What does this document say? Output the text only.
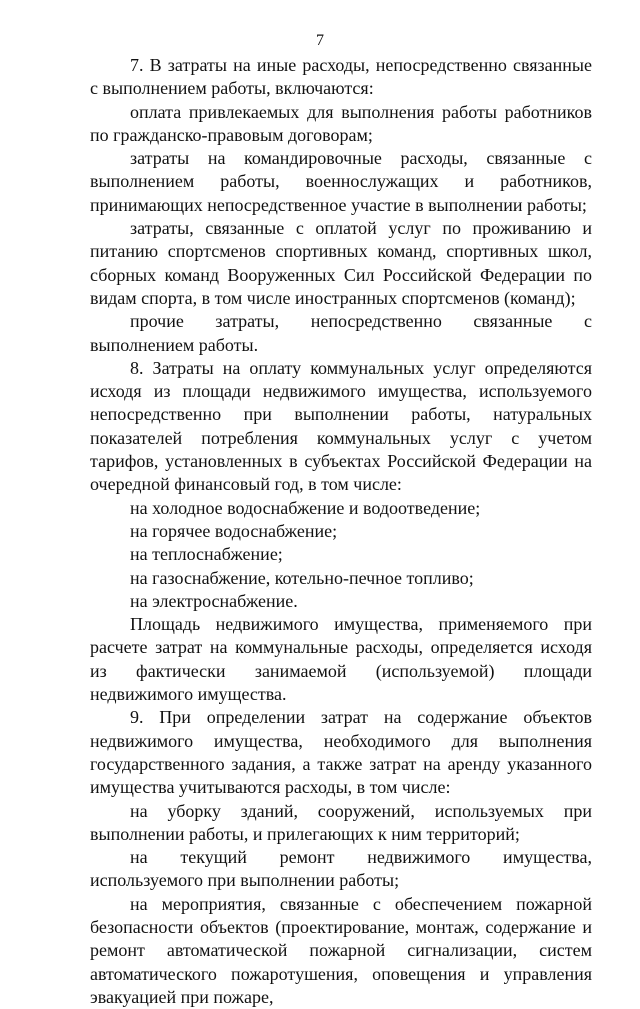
7

7. В затраты на иные расходы, непосредственно связанные с выполнением работы, включаются:

оплата привлекаемых для выполнения работы работников по гражданско-правовым договорам;

затраты на командировочные расходы, связанные с выполнением работы, военнослужащих и работников, принимающих непосредственное участие в выполнении работы;

затраты, связанные с оплатой услуг по проживанию и питанию спортсменов спортивных команд, спортивных школ, сборных команд Вооруженных Сил Российской Федерации по видам спорта, в том числе иностранных спортсменов (команд);

прочие затраты, непосредственно связанные с выполнением работы.

8. Затраты на оплату коммунальных услуг определяются исходя из площади недвижимого имущества, используемого непосредственно при выполнении работы, натуральных показателей потребления коммунальных услуг с учетом тарифов, установленных в субъектах Российской Федерации на очередной финансовый год, в том числе:

на холодное водоснабжение и водоотведение;

на горячее водоснабжение;

на теплоснабжение;

на газоснабжение, котельно-печное топливо;

на электроснабжение.

Площадь недвижимого имущества, применяемого при расчете затрат на коммунальные расходы, определяется исходя из фактически занимаемой (используемой) площади недвижимого имущества.

9. При определении затрат на содержание объектов недвижимого имущества, необходимого для выполнения государственного задания, а также затрат на аренду указанного имущества учитываются расходы, в том числе:

на уборку зданий, сооружений, используемых при выполнении работы, и прилегающих к ним территорий;

на текущий ремонт недвижимого имущества, используемого при выполнении работы;

на мероприятия, связанные с обеспечением пожарной безопасности объектов (проектирование, монтаж, содержание и ремонт автоматической пожарной сигнализации, систем автоматического пожаротушения, оповещения и управления эвакуацией при пожаре,
